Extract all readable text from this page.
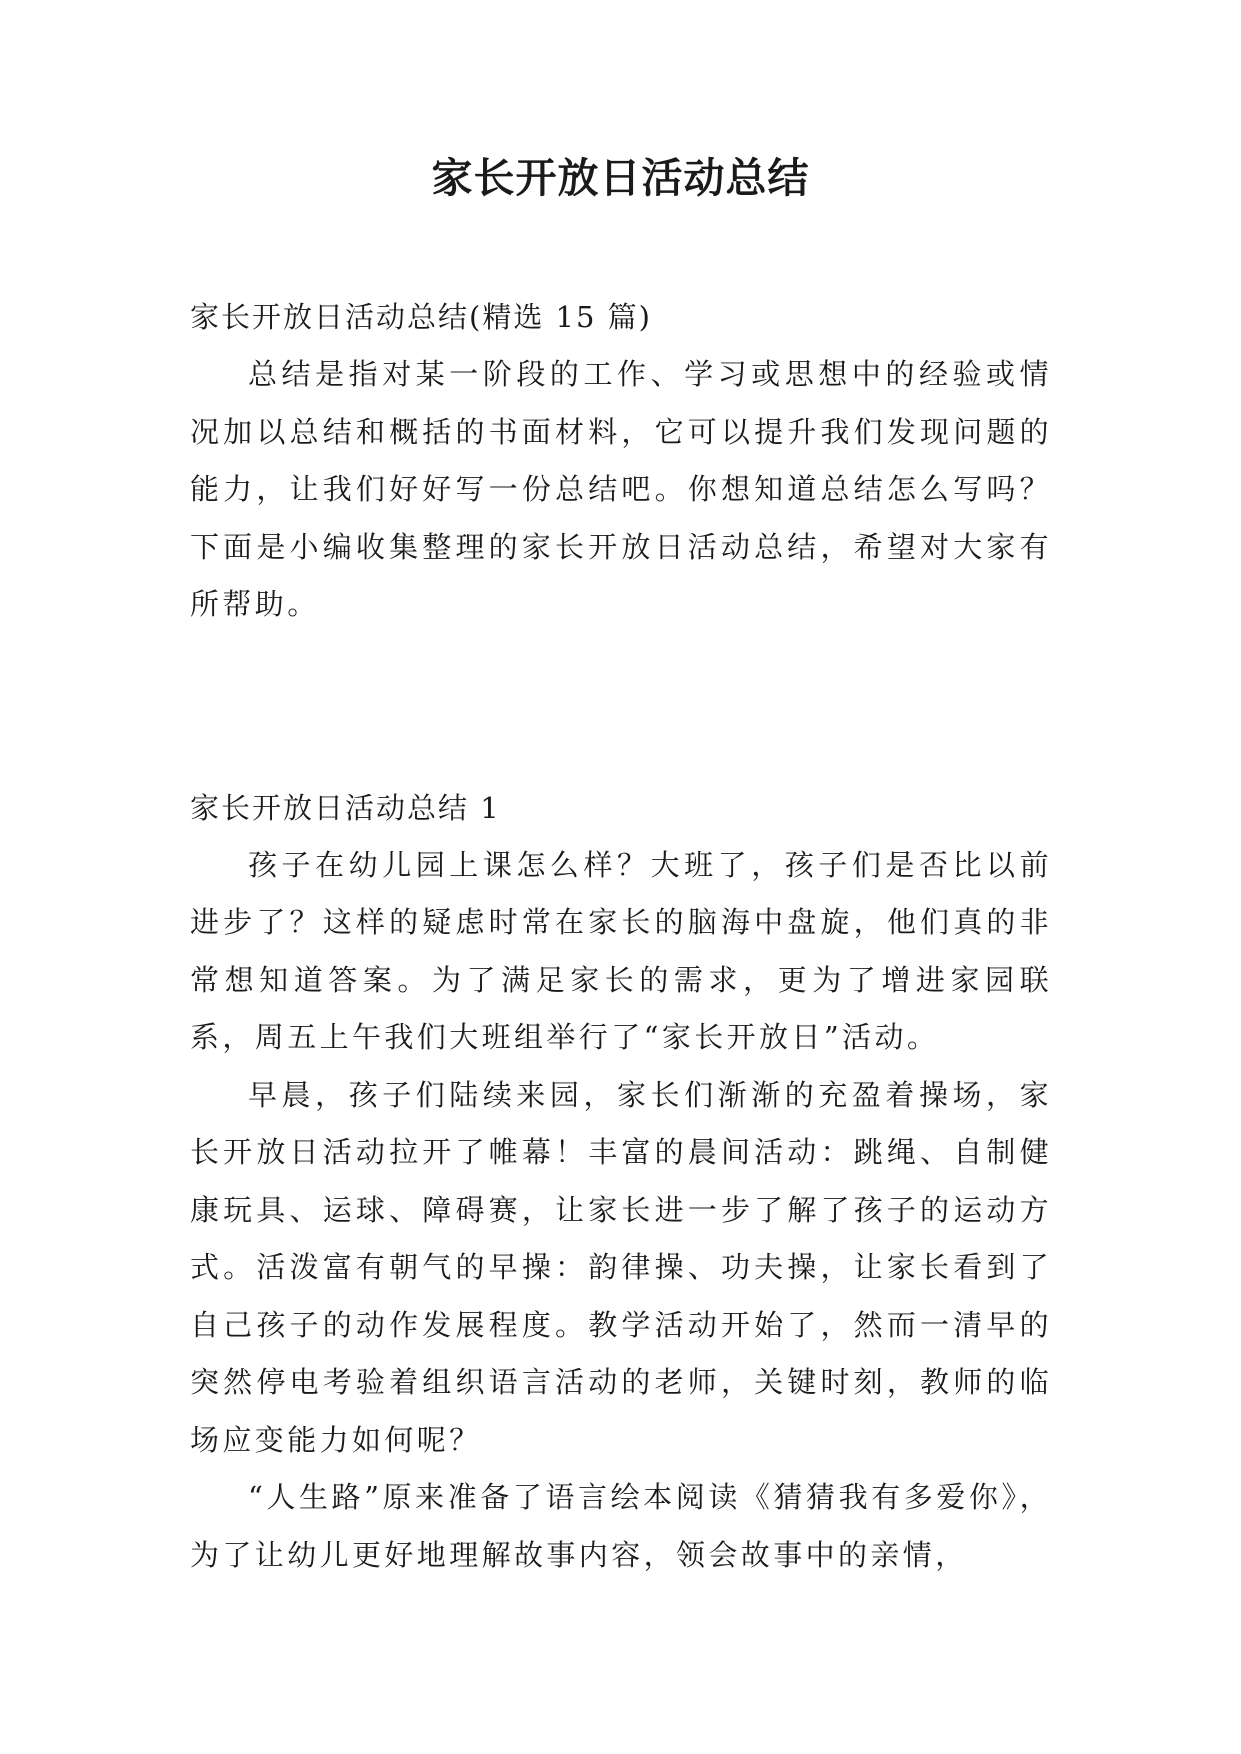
家长开放日活动总结

家长开放日活动总结(精选 15 篇)

总结是指对某一阶段的工作、学习或思想中的经验或情况加以总结和概括的书面材料，它可以提升我们发现问题的能力，让我们好好写一份总结吧。你想知道总结怎么写吗？下面是小编收集整理的家长开放日活动总结，希望对大家有所帮助。

家长开放日活动总结 1

孩子在幼儿园上课怎么样？大班了，孩子们是否比以前进步了？这样的疑虑时常在家长的脑海中盘旋，他们真的非常想知道答案。为了满足家长的需求，更为了增进家园联系，周五上午我们大班组举行了“家长开放日”活动。

早晨，孩子们陆续来园，家长们渐渐的充盈着操场，家长开放日活动拉开了帷幕！丰富的晨间活动：跳绳、自制健康玩具、运球、障碍赛，让家长进一步了解了孩子的运动方式。活泼富有朝气的早操：韵律操、功夫操，让家长看到了自己孩子的动作发展程度。教学活动开始了，然而一清早的突然停电考验着组织语言活动的老师，关键时刻，教师的临场应变能力如何呢？

“人生路”原来准备了语言绘本阅读《猜猜我有多爱你》，为了让幼儿更好地理解故事内容，领会故事中的亲情，
